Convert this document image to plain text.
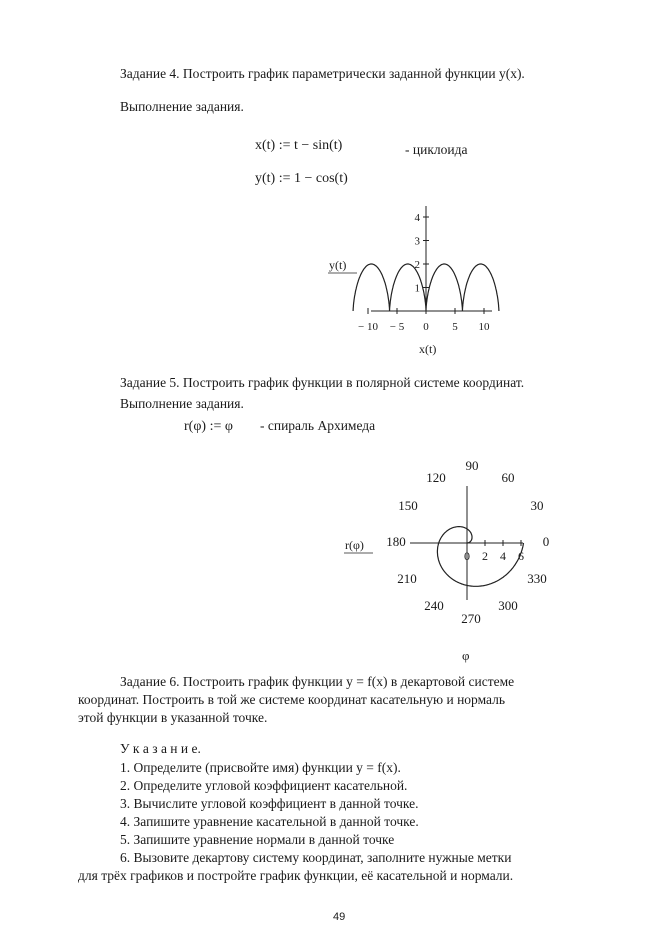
Задание 4. Построить график параметрически заданной функции y(x).
Выполнение задания.
x(t) := t − sin(t)	- циклоида
y(t) := 1 − cos(t)
y(t)
x(t)
1
2
3
4
− 10 − 5 0 5 10
Задание 5. Построить график функции в полярной системе координат.
Выполнение задания.
r(φ) := φ - спираль Архимеда
r(φ)
φ
90
120	60
150	30
180	0
210	330
240	300
270
0 2 4 6
Задание 6. Построить график функции y = f(x) в декартовой системе
координат. Построить в той же системе координат касательную и нормаль
этой функции в указанной точке.
У к а з а н и е.
1. Определите (присвойте имя) функции y = f(x).
2. Определите угловой коэффициент касательной.
3. Вычислите угловой коэффициент в данной точке.
4. Запишите уравнение касательной в данной точке.
5. Запишите уравнение нормали в данной точке
6. Вызовите декартову систему координат, заполните нужные метки
для трёх графиков и постройте график функции, её касательной и нормали.
49
